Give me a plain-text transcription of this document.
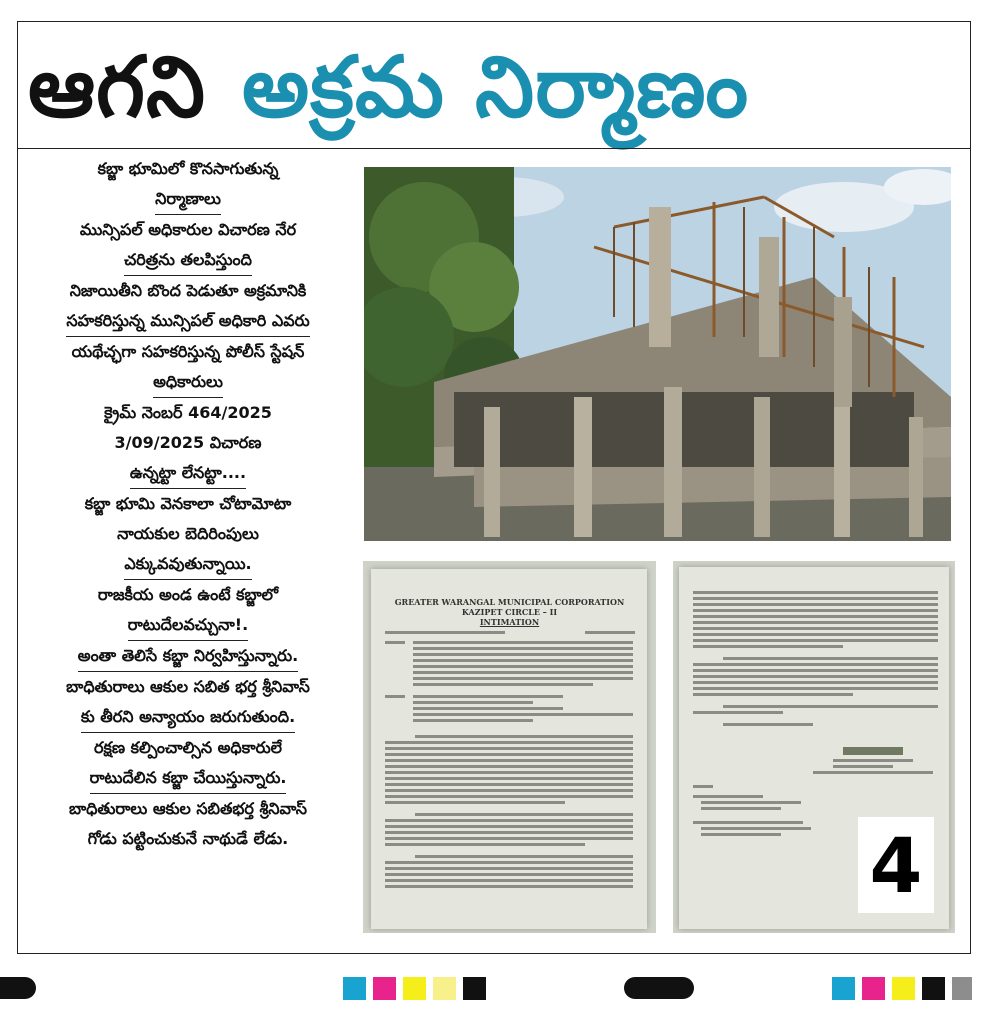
ఆగని అక్రమ నిర్మాణం
కబ్జా భూమిలో కొనసాగుతున్న
నిర్మాణాలు
మున్సిపల్ అధికారుల విచారణ నేర
చరిత్రను తలపిస్తుంది
నిజాయితీని బొంద పెడుతూ అక్రమానికి
సహకరిస్తున్న మున్సిపల్ అధికారి ఎవరు
యథేచ్ఛగా సహకరిస్తున్న పోలీస్ స్టేషన్
అధికారులు
క్రైమ్ నెంబర్ 464/2025
3/09/2025 విచారణ
ఉన్నట్టా లేనట్టా....
కబ్జా భూమి వెనకాలా చోటామోటా
నాయకుల బెదిరింపులు
ఎక్కువవుతున్నాయి.
రాజకీయ అండ ఉంటే కబ్జాలో
రాటుదేలవచ్చునా!.
అంతా తెలిసే కబ్జా నిర్వహిస్తున్నారు.
బాధితురాలు ఆకుల సబిత భర్త శ్రీనివాస్
కు తీరని అన్యాయం జరుగుతుంది.
రక్షణ కల్పించాల్సిన అధికారులే
రాటుదేలిన కబ్జా చేయిస్తున్నారు.
బాధితురాలు ఆకుల సబితభర్త శ్రీనివాస్
గోడు పట్టించుకునే నాథుడే లేడు.
GREATER WARANGAL MUNICIPAL CORPORATION
KAZIPET CIRCLE – II
INTIMATION
4
